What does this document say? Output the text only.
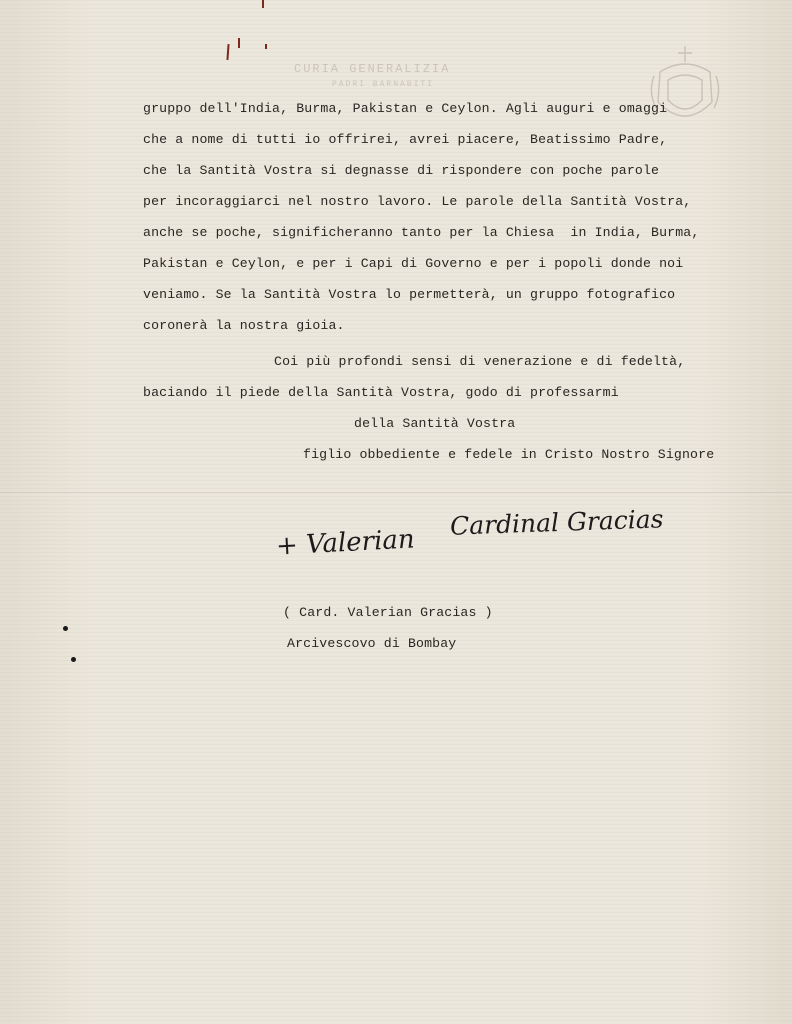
CURIA GENERALIZIA
PADRI BARNABITI
gruppo dell'India, Burma, Pakistan e Ceylon. Agli auguri e omaggi
che a nome di tutti io offrirei, avrei piacere, Beatissimo Padre,
che la Santità Vostra si degnasse di rispondere con poche parole
per incoraggiarci nel nostro lavoro. Le parole della Santità Vostra,
anche se poche, significheranno tanto per la Chiesa  in India, Burma,
Pakistan e Ceylon, e per i Capi di Governo e per i popoli donde noi
veniamo. Se la Santità Vostra lo permetterà, un gruppo fotografico
coronerà la nostra gioia.
Coi più profondi sensi di venerazione e di fedeltà,
baciando il piede della Santità Vostra, godo di professarmi
della Santità Vostra
figlio obbediente e fedele in Cristo Nostro Signore
+ Valerian
Cardinal Gracias
( Card. Valerian Gracias )
Arcivescovo di Bombay
